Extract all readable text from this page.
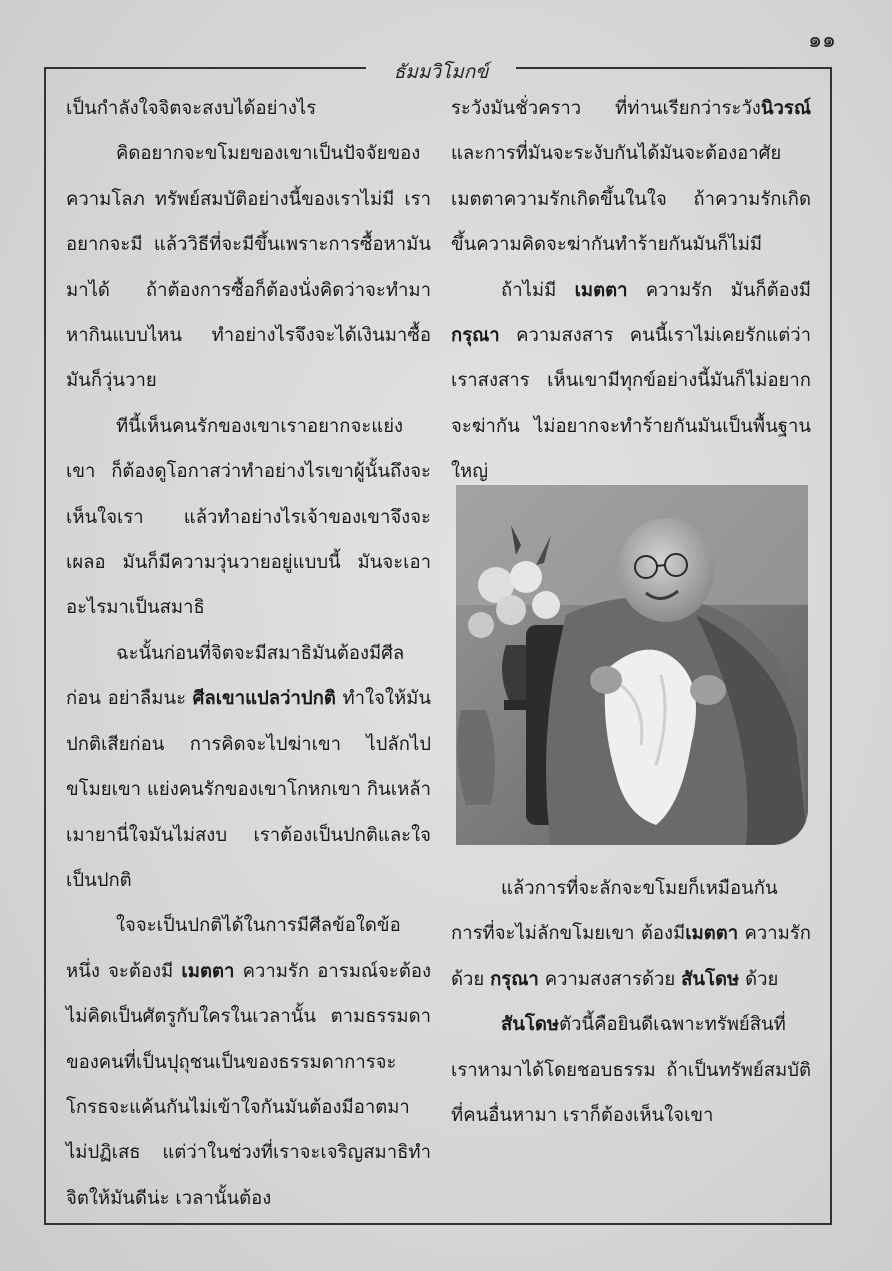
๑๑
ธัมมวิโมกข์

เป็นกำลังใจจิตจะสงบได้อย่างไร

คิดอยากจะขโมยของเขาเป็นปัจจัยของความโลภ ทรัพย์สมบัติอย่างนี้ของเราไม่มี เราอยากจะมี แล้ววิธีที่จะมีขึ้นเพราะการซื้อหามันมาได้ ถ้าต้องการซื้อก็ต้องนั่งคิดว่าจะทำมาหากินแบบไหน ทำอย่างไรจึงจะได้เงินมาซื้อ มันก็วุ่นวาย

ทีนี้เห็นคนรักของเขาเราอยากจะแย่งเขา ก็ต้องดูโอกาสว่าทำอย่างไรเขาผู้นั้นถึงจะเห็นใจเรา แล้วทำอย่างไรเจ้าของเขาจึงจะเผลอ มันก็มีความวุ่นวายอยู่แบบนี้ มันจะเอาอะไรมาเป็นสมาธิ

ฉะนั้นก่อนที่จิตจะมีสมาธิมันต้องมีศีลก่อน อย่าลืมนะ ศีลเขาแปลว่าปกติ ทำใจให้มันปกติเสียก่อน การคิดจะไปฆ่าเขา ไปลักไปขโมยเขา แย่งคนรักของเขาโกหกเขา กินเหล้าเมายานี่ใจมันไม่สงบ เราต้องเป็นปกติและใจเป็นปกติ

ใจจะเป็นปกติได้ในการมีศีลข้อใดข้อหนึ่ง จะต้องมี เมตตา ความรัก อารมณ์จะต้องไม่คิดเป็นศัตรูกับใครในเวลานั้น ตามธรรมดาของคนที่เป็นปุถุชนเป็นของธรรมดาการจะโกรธจะแค้นกันไม่เข้าใจกันมันต้องมีอาตมาไม่ปฏิเสธ แต่ว่าในช่วงที่เราจะเจริญสมาธิทำจิตให้มันดีน่ะ เวลานั้นต้อง

ระวังมันชั่วคราว ที่ท่านเรียกว่าระวังนิวรณ์ และการที่มันจะระงับกันได้มันจะต้องอาศัยเมตตาความรักเกิดขึ้นในใจ ถ้าความรักเกิดขึ้นความคิดจะฆ่ากันทำร้ายกันมันก็ไม่มี

ถ้าไม่มี เมตตา ความรัก มันก็ต้องมี กรุณา ความสงสาร คนนี้เราไม่เคยรักแต่ว่าเราสงสาร เห็นเขามีทุกข์อย่างนี้มันก็ไม่อยากจะฆ่ากัน ไม่อยากจะทำร้ายกันมันเป็นพื้นฐานใหญ่

แล้วการที่จะลักจะขโมยก็เหมือนกัน การที่จะไม่ลักขโมยเขา ต้องมีเมตตา ความรักด้วย กรุณา ความสงสารด้วย สันโดษ ด้วย

สันโดษตัวนี้คือยินดีเฉพาะทรัพย์สินที่เราหามาได้โดยชอบธรรม ถ้าเป็นทรัพย์สมบัติที่คนอื่นหามา เราก็ต้องเห็นใจเขา
